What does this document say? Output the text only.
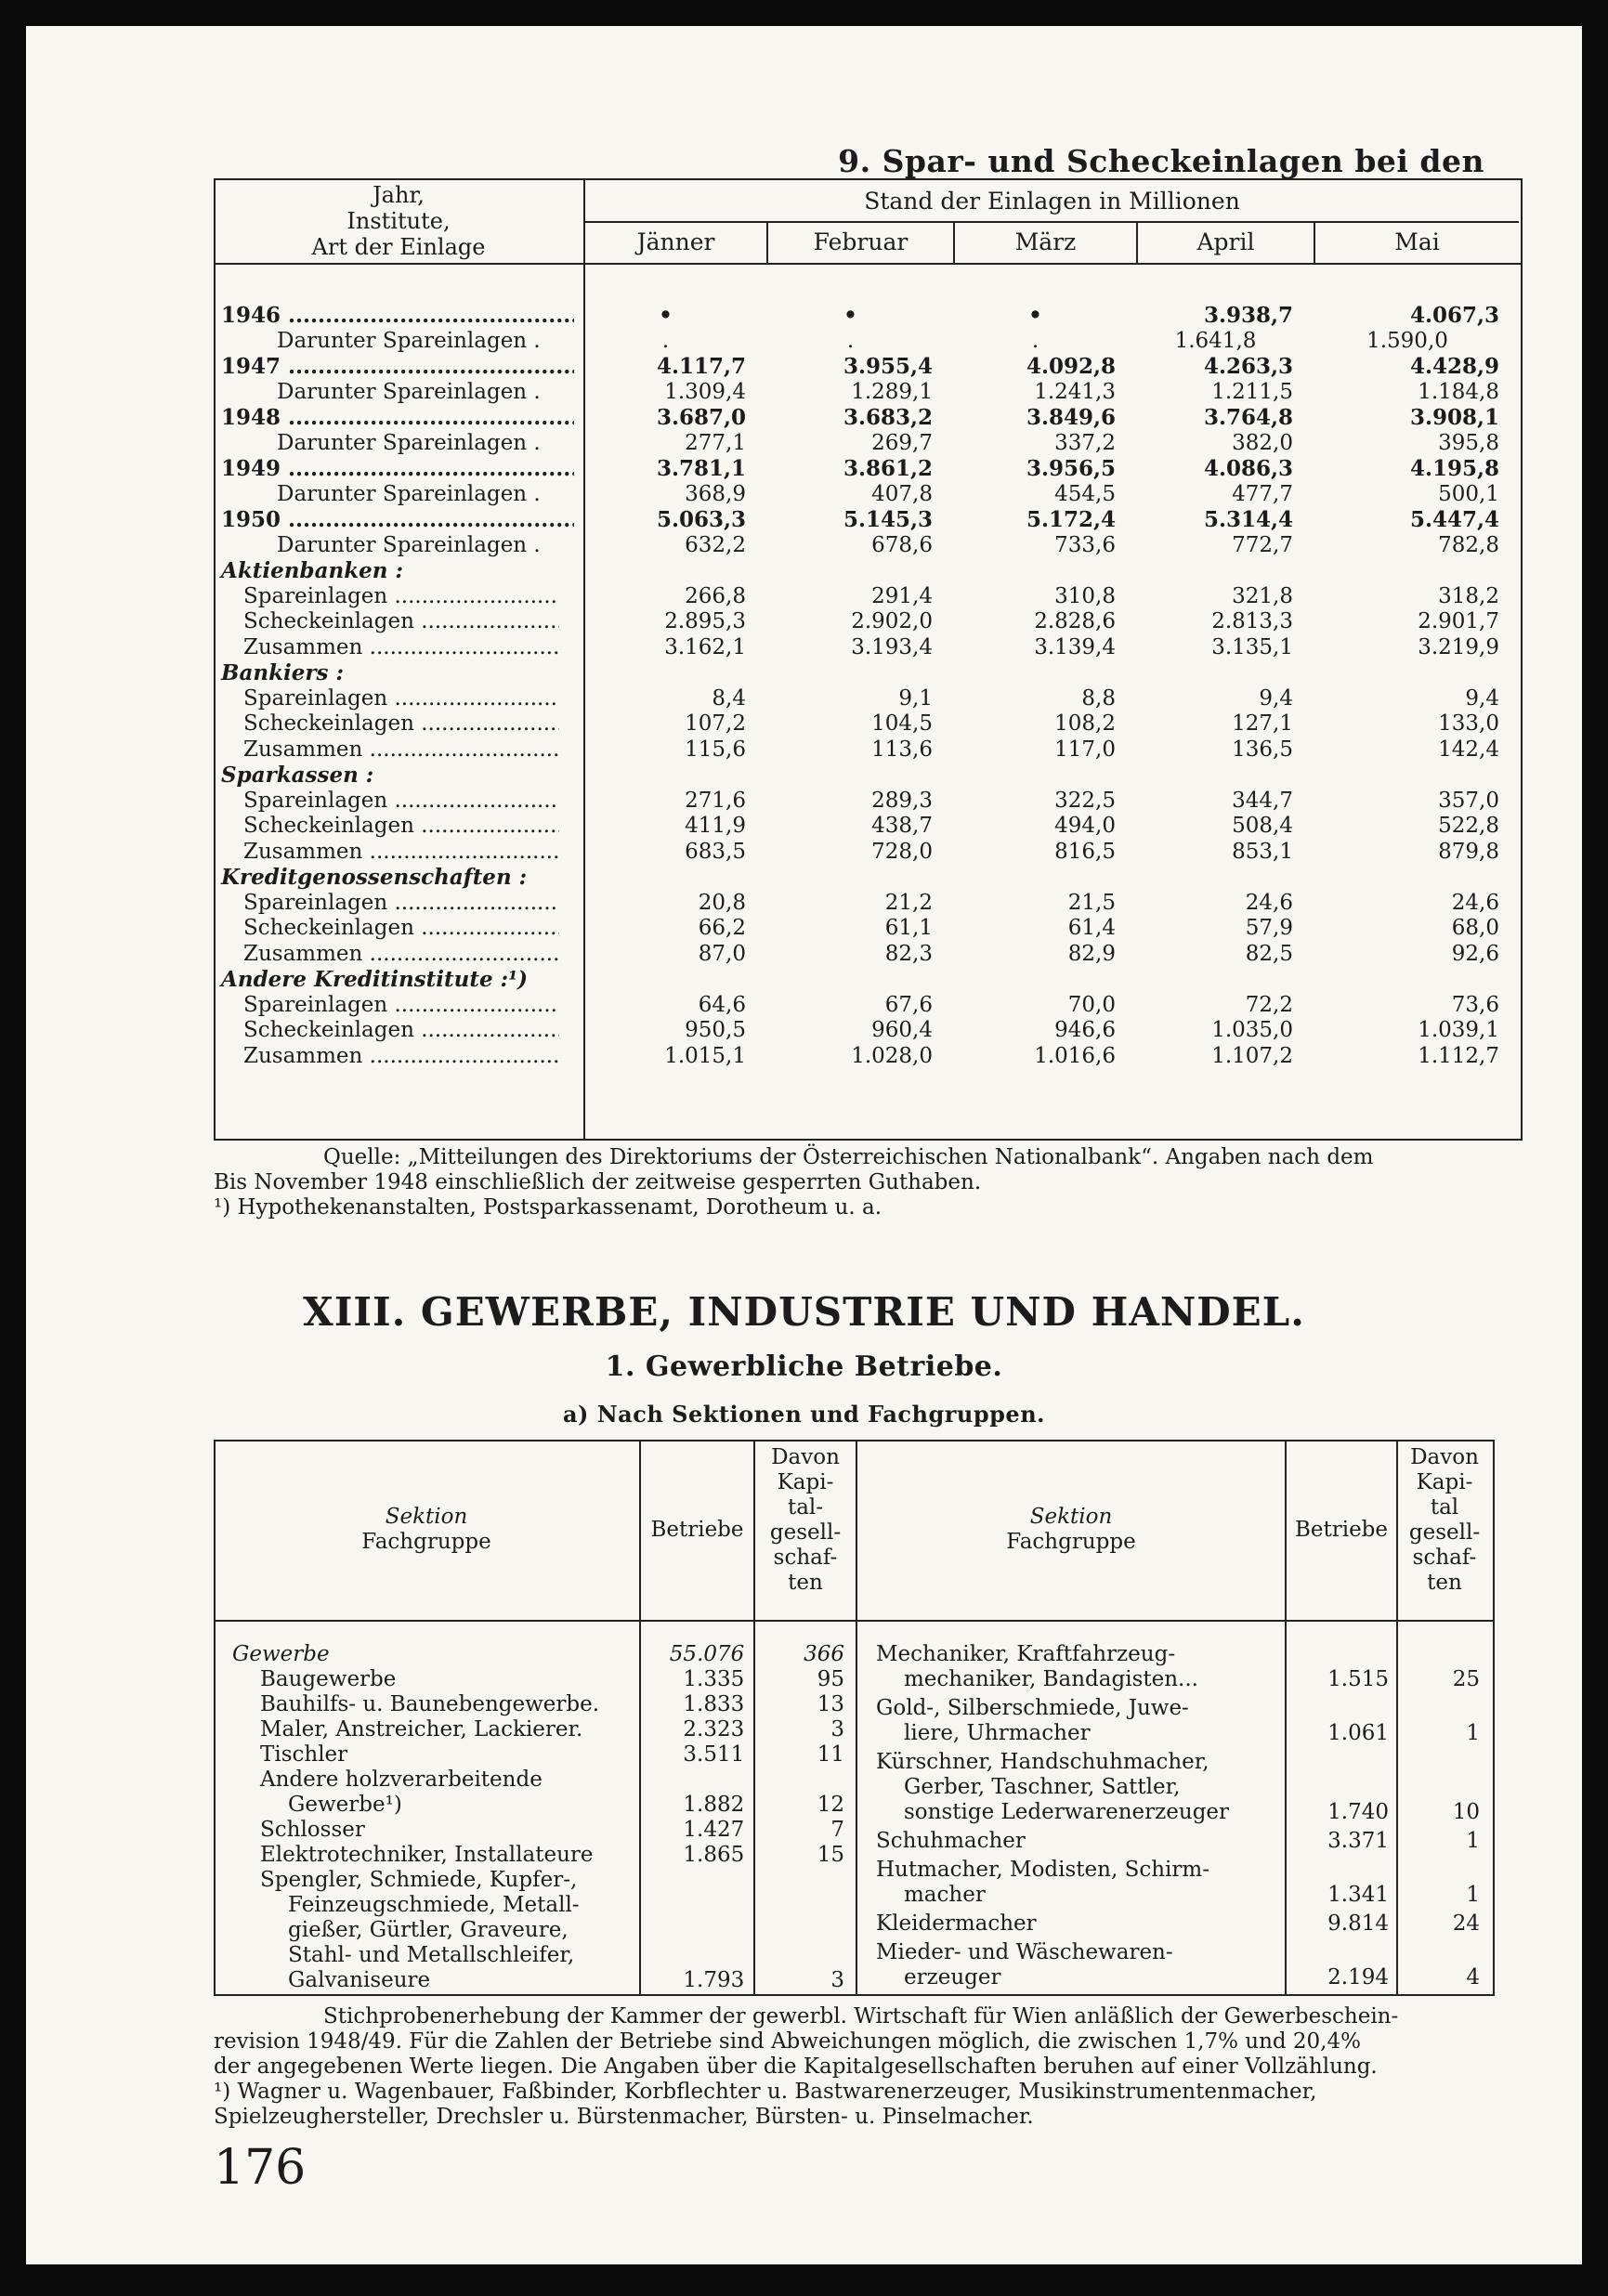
9. Spar- und Scheckeinlagen bei den
Jahr,
Institute,
Art der Einlage
Stand der Einlagen in Millionen
Jänner	Februar	März	April	Mai
1946 .....	•	•	•	3.938,7	4.067,3
Darunter Spareinlagen .	.	.	.	1.641,8	1.590,0

1947 .....	4.117,7	3.955,4	4.092,8	4.263,3	4.428,9
Darunter Spareinlagen .	1.309,4	1.289,1	1.241,3	1.211,5	1.184,8

1948 .....	3.687,0	3.683,2	3.849,6	3.764,8	3.908,1
Darunter Spareinlagen .	277,1	269,7	337,2	382,0	395,8

1949 .....	3.781,1	3.861,2	3.956,5	4.086,3	4.195,8
Darunter Spareinlagen .	368,9	407,8	454,5	477,7	500,1

1950 .....	5.063,3	5.145,3	5.172,4	5.314,4	5.447,4
Darunter Spareinlagen .	632,2	678,6	733,6	772,7	782,8
Aktienbanken :					

Spareinlagen .....	266,8	291,4	310,8	321,8	318,2

Scheckeinlagen .....	2.895,3	2.902,0	2.828,6	2.813,3	2.901,7

Zusammen .....	3.162,1	3.193,4	3.139,4	3.135,1	3.219,9
Bankiers :					

Spareinlagen .....	8,4	9,1	8,8	9,4	9,4

Scheckeinlagen .....	107,2	104,5	108,2	127,1	133,0

Zusammen .....	115,6	113,6	117,0	136,5	142,4
Sparkassen :					

Spareinlagen .....	271,6	289,3	322,5	344,7	357,0

Scheckeinlagen .....	411,9	438,7	494,0	508,4	522,8

Zusammen .....	683,5	728,0	816,5	853,1	879,8
Kreditgenossenschaften :					

Spareinlagen .....	20,8	21,2	21,5	24,6	24,6

Scheckeinlagen .....	66,2	61,1	61,4	57,9	68,0

Zusammen .....	87,0	82,3	82,9	82,5	92,6
Andere Kreditinstitute :¹)					

Spareinlagen .....	64,6	67,6	70,0	72,2	73,6

Scheckeinlagen .....	950,5	960,4	946,6	1.035,0	1.039,1

Zusammen .....	1.015,1	1.028,0	1.016,6	1.107,2	1.112,7
Quelle: „Mitteilungen des Direktoriums der Österreichischen Nationalbank“. Angaben nach dem
Bis November 1948 einschließlich der zeitweise gesperrten Guthaben.
¹) Hypothekenanstalten, Postsparkassenamt, Dorotheum u. a.
XIII. GEWERBE, INDUSTRIE UND HANDEL.
1. Gewerbliche Betriebe.
a) Nach Sektionen und Fachgruppen.
Sektion
Fachgruppe	Betriebe
Davon
Kapi-
tal-
gesell-
schaf-
ten
Sektion
Fachgruppe	Betriebe
Davon
Kapi-
tal
gesell-
schaf-
ten
Gewerbe	55.076	366
Baugewerbe	1.335	95
Bauhilfs- u. Baunebengewerbe.	1.833	13
Maler, Anstreicher, Lackierer.	2.323	3
Tischler	3.511	11
Andere holzverarbeitende
Gewerbe¹)	1.882	12
Schlosser	1.427	7
Elektrotechniker, Installateure	1.865	15
Spengler, Schmiede, Kupfer-,
Feinzeugschmiede, Metall-
gießer, Gürtler, Graveure,
Stahl- und Metallschleifer,
Galvaniseure	1.793	3
Mechaniker, Kraftfahrzeug-
mechaniker, Bandagisten...	1.515	25
Gold-, Silberschmiede, Juwe-
liere, Uhrmacher	1.061	1
Kürschner, Handschuhmacher,
Gerber, Taschner, Sattler,
sonstige Lederwarenerzeuger	1.740	10
Schuhmacher	3.371	1
Hutmacher, Modisten, Schirm-
macher	1.341	1
Kleidermacher	9.814	24
Mieder- und Wäschewaren-
erzeuger	2.194	4
Stichprobenerhebung der Kammer der gewerbl. Wirtschaft für Wien anläßlich der Gewerbeschein-
revision 1948/49. Für die Zahlen der Betriebe sind Abweichungen möglich, die zwischen 1,7% und 20,4%
der angegebenen Werte liegen. Die Angaben über die Kapitalgesellschaften beruhen auf einer Vollzählung.
¹) Wagner u. Wagenbauer, Faßbinder, Korbflechter u. Bastwarenerzeuger, Musikinstrumentenmacher,
Spielzeughersteller, Drechsler u. Bürstenmacher, Bürsten- u. Pinselmacher.
176
